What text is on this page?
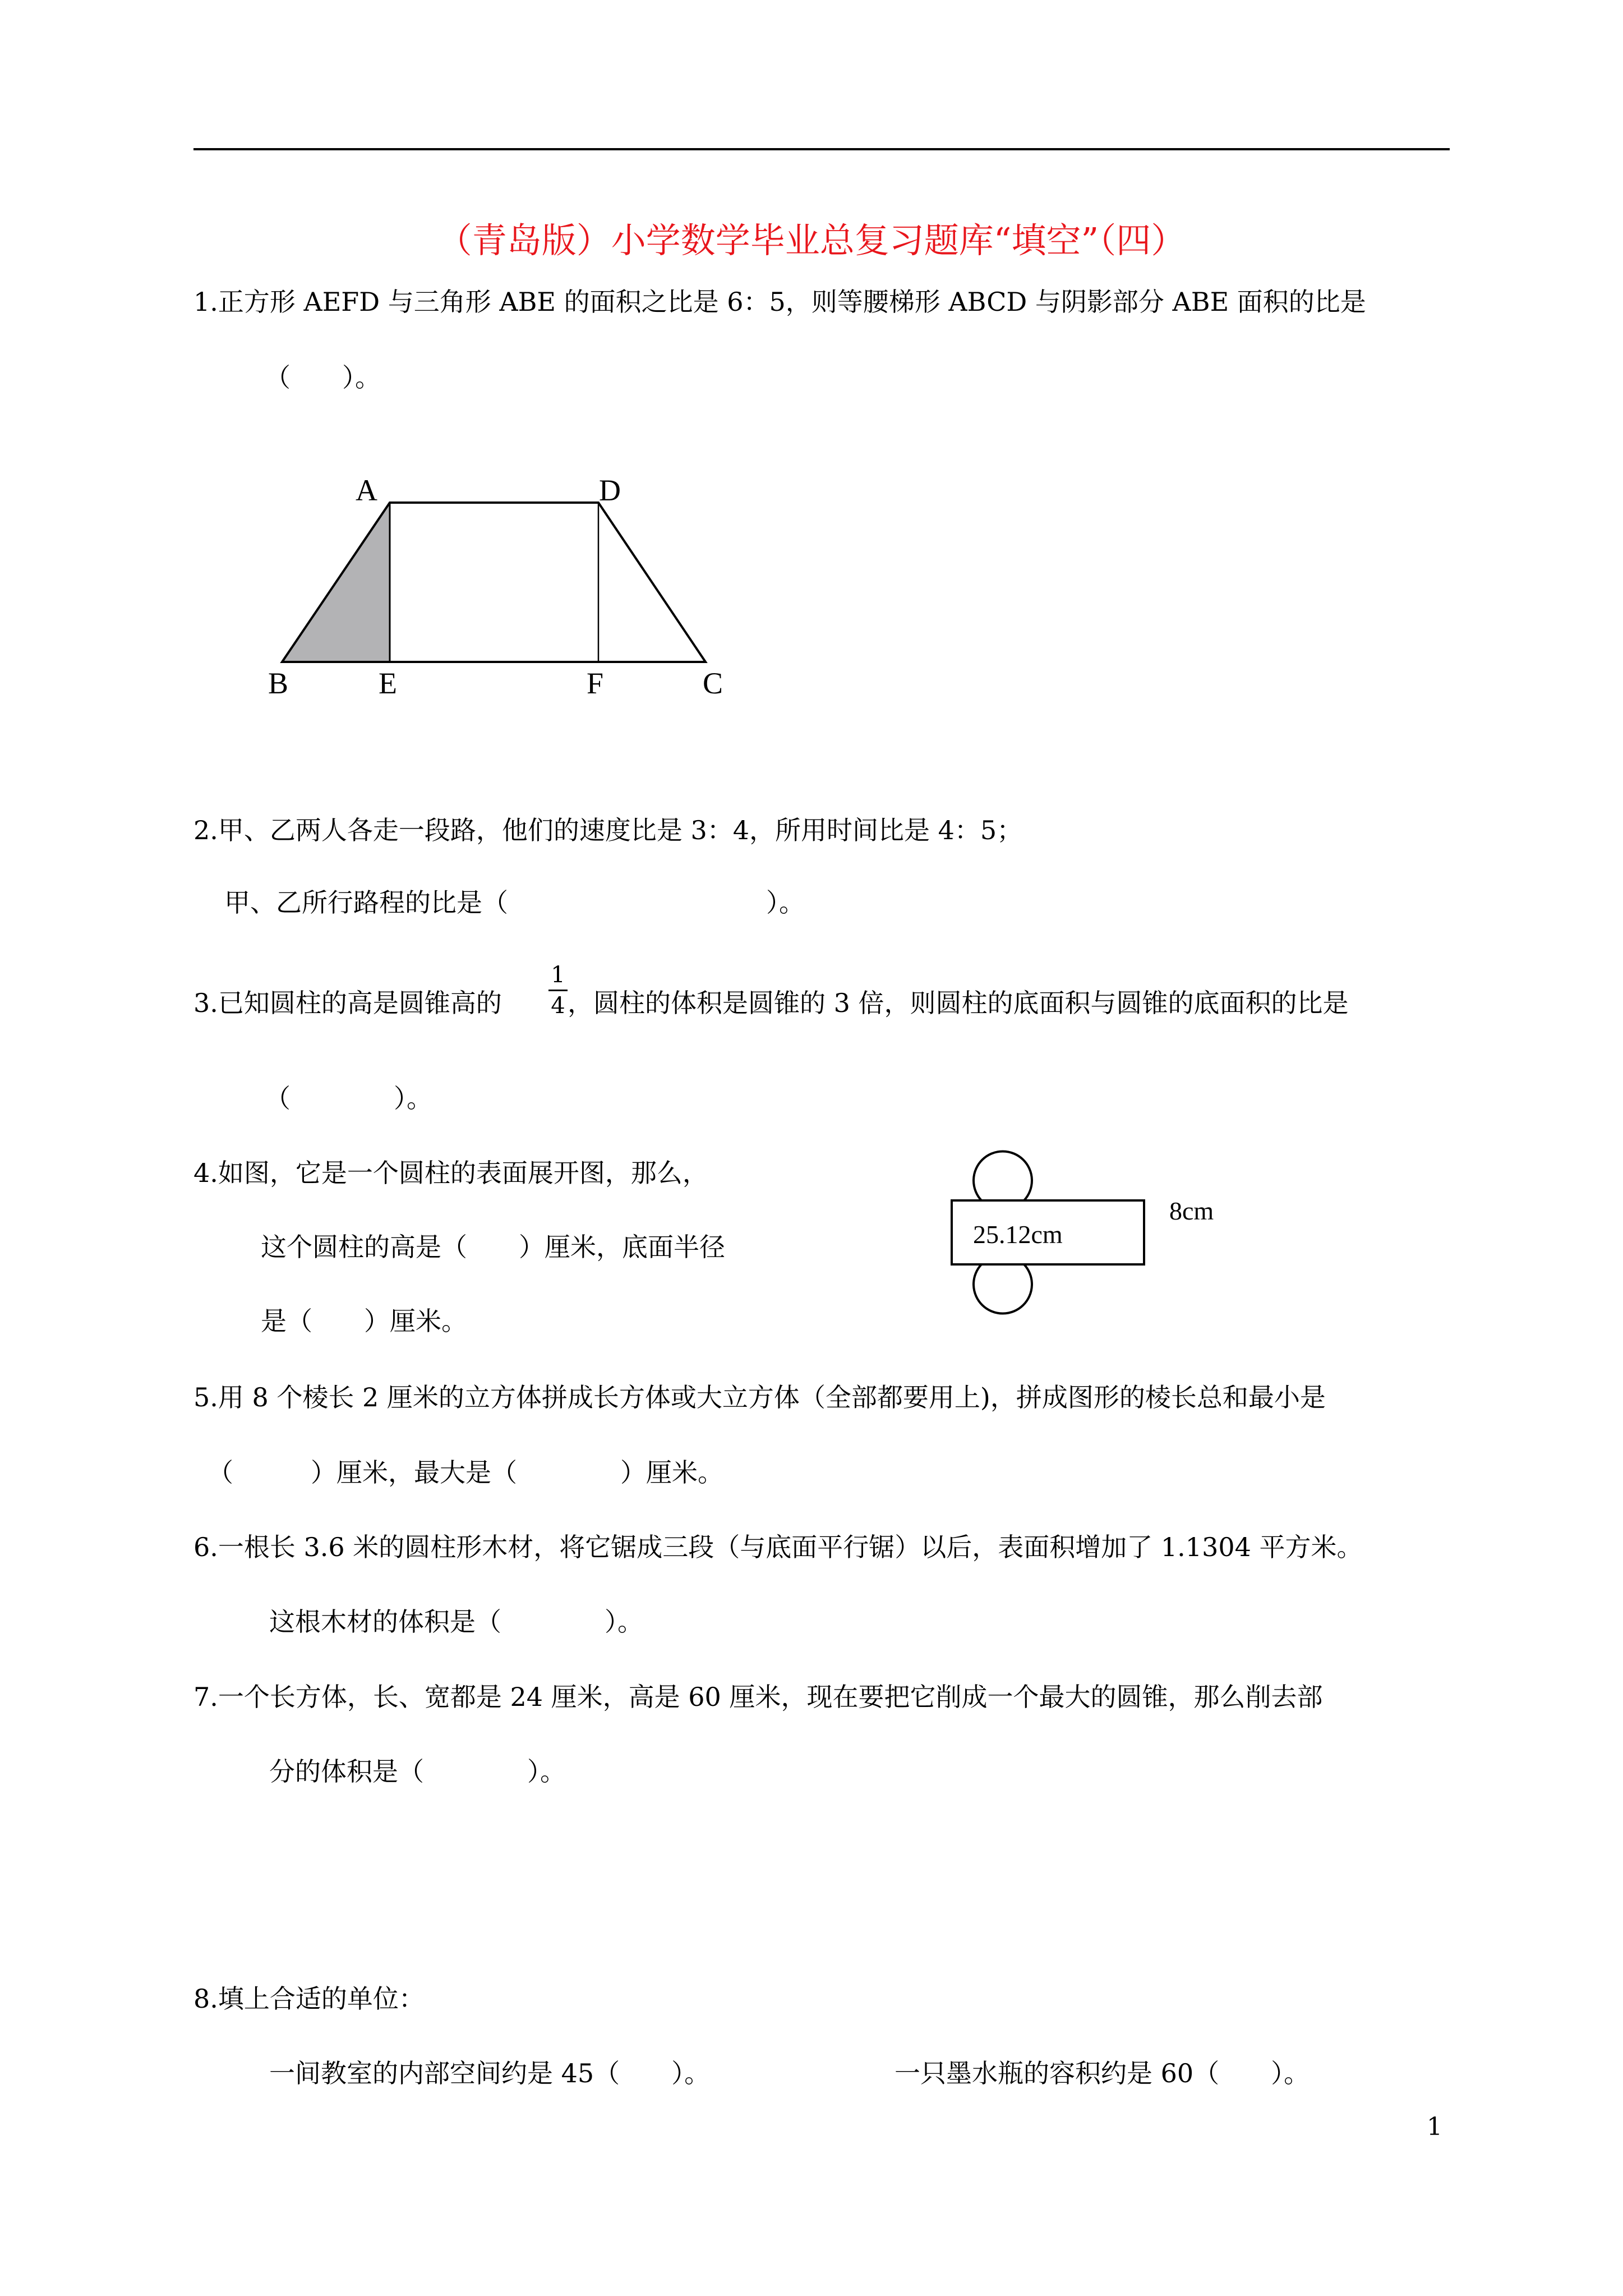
（青岛版）小学数学毕业总复习题库“填空”（四）
1.正方形 AEFD 与三角形 ABE 的面积之比是 6：5，则等腰梯形 ABCD 与阴影部分 ABE 面积的比是
（　　）。
A	D
B	E	F	C
25.12cm
8cm
2.甲、乙两人各走一段路，他们的速度比是 3：4，所用时间比是 4：5；
甲、乙所行路程的比是（　　　　　　　　　　）。
3.已知圆柱的高是圆锥高的
1
4 ，圆柱的体积是圆锥的 3 倍，则圆柱的底面积与圆锥的底面积的比是
（　　　　）。
4.如图，它是一个圆柱的表面展开图，那么，
这个圆柱的高是（　　）厘米，底面半径
是（　　）厘米。
5.用 8 个棱长 2 厘米的立方体拼成长方体或大立方体（全部都要用上)，拼成图形的棱长总和最小是
（　　　）厘米，最大是（　　　　）厘米。
6.一根长 3.6 米的圆柱形木材，将它锯成三段（与底面平行锯）以后，表面积增加了 1.1304 平方米。
这根木材的体积是（　　　　）。
7.一个长方体，长、宽都是 24 厘米，高是 60 厘米，现在要把它削成一个最大的圆锥，那么削去部
分的体积是（　　　　）。
8.填上合适的单位：
一间教室的内部空间约是 45（　　）。	一只墨水瓶的容积约是 60（　　）。
1
